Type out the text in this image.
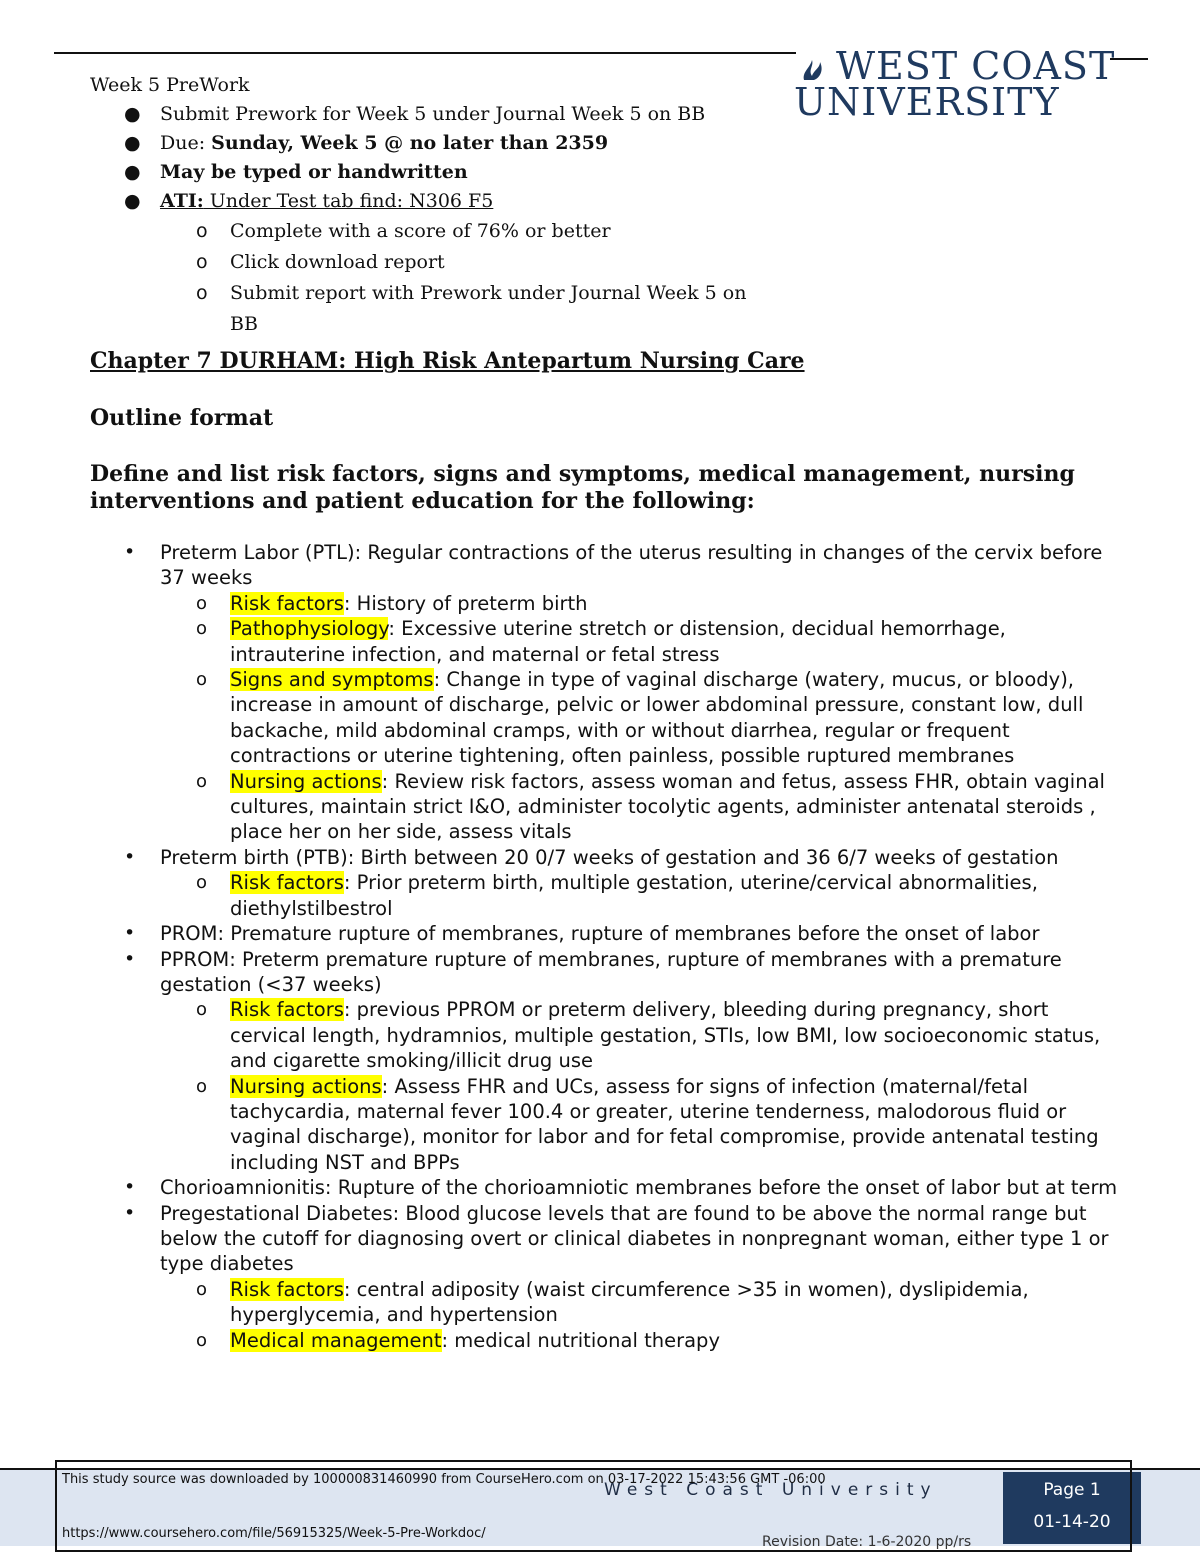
WEST COAST
UNIVERSITY
Week 5 PreWork
● Submit Prework for Week 5 under Journal Week 5 on BB
● Due: Sunday, Week 5 @ no later than 2359
● May be typed or handwritten
● ATI: Under Test tab find: N306 F5
o Complete with a score of 76% or better
o Click download report
o Submit report with Prework under Journal Week 5 on BB
Chapter 7 DURHAM: High Risk Antepartum Nursing Care
Outline format
Define and list risk factors, signs and symptoms, medical management, nursing interventions and patient education for the following:
• Preterm Labor (PTL): Regular contractions of the uterus resulting in changes of the cervix before 37 weeks
o Risk factors: History of preterm birth
o Pathophysiology: Excessive uterine stretch or distension, decidual hemorrhage, intrauterine infection, and maternal or fetal stress
o Signs and symptoms: Change in type of vaginal discharge (watery, mucus, or bloody), increase in amount of discharge, pelvic or lower abdominal pressure, constant low, dull backache, mild abdominal cramps, with or without diarrhea, regular or frequent contractions or uterine tightening, often painless, possible ruptured membranes
o Nursing actions: Review risk factors, assess woman and fetus, assess FHR, obtain vaginal cultures, maintain strict I&O, administer tocolytic agents, administer antenatal steroids , place her on her side, assess vitals
• Preterm birth (PTB): Birth between 20 0/7 weeks of gestation and 36 6/7 weeks of gestation
o Risk factors: Prior preterm birth, multiple gestation, uterine/cervical abnormalities, diethylstilbestrol
• PROM: Premature rupture of membranes, rupture of membranes before the onset of labor
• PPROM: Preterm premature rupture of membranes, rupture of membranes with a premature gestation (<37 weeks)
o Risk factors: previous PPROM or preterm delivery, bleeding during pregnancy, short cervical length, hydramnios, multiple gestation, STIs, low BMI, low socioeconomic status, and cigarette smoking/illicit drug use
o Nursing actions: Assess FHR and UCs, assess for signs of infection (maternal/fetal tachycardia, maternal fever 100.4 or greater, uterine tenderness, malodorous fluid or vaginal discharge), monitor for labor and for fetal compromise, provide antenatal testing including NST and BPPs
• Chorioamnionitis: Rupture of the chorioamniotic membranes before the onset of labor but at term
• Pregestational Diabetes: Blood glucose levels that are found to be above the normal range but below the cutoff for diagnosing overt or clinical diabetes in nonpregnant woman, either type 1 or type diabetes
o Risk factors: central adiposity (waist circumference >35 in women), dyslipidemia, hyperglycemia, and hypertension
o Medical management: medical nutritional therapy
West Coast University
Revision Date: 1-6-2020 pp/rs
Page 1
01-14-20
This study source was downloaded by 100000831460990 from CourseHero.com on 03-17-2022 15:43:56 GMT -06:00
https://www.coursehero.com/file/56915325/Week-5-Pre-Workdoc/
